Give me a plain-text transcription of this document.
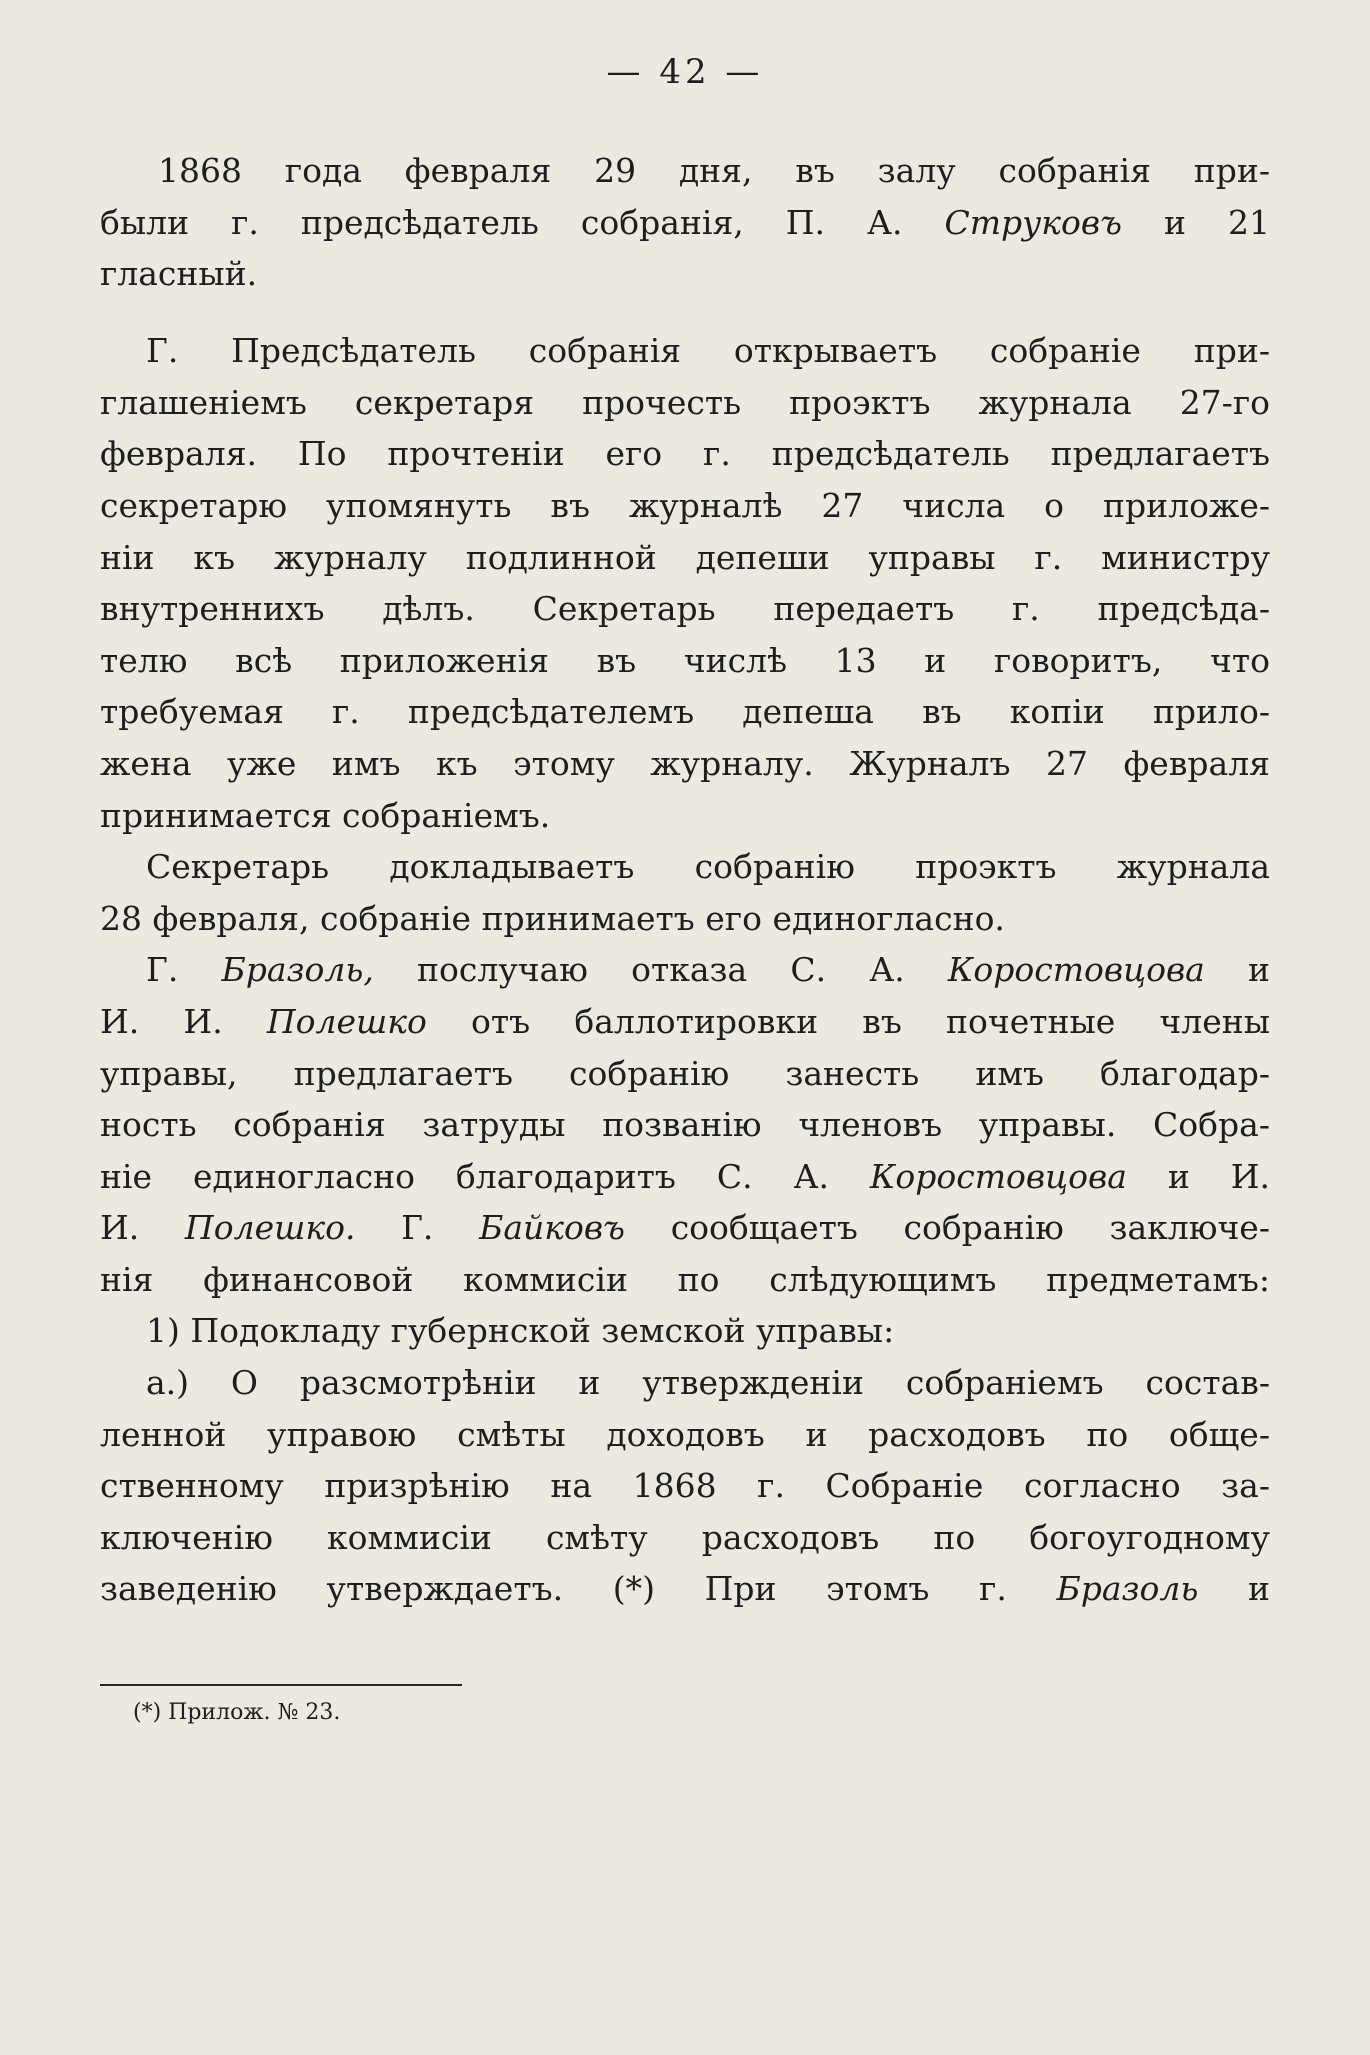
— 42 —
1868 года февраля 29 дня, въ залу собранія при-
были г. предсѣдатель собранія, П. А. Струковъ и 21
гласный.
Г. Предсѣдатель собранія открываетъ собраніе при-
глашеніемъ секретаря прочесть проэктъ журнала 27-го
февраля. По прочтеніи его г. предсѣдатель предлагаетъ
секретарю упомянуть въ журналѣ 27 числа о приложе-
ніи къ журналу подлинной депеши управы г. министру
внутреннихъ дѣлъ. Секретарь передаетъ г. предсѣда-
телю всѣ приложенія въ числѣ 13 и говоритъ, что
требуемая г. предсѣдателемъ депеша въ копіи прило-
жена уже имъ къ этому журналу. Журналъ 27 февраля
принимается собраніемъ.
Секретарь докладываетъ собранію проэктъ журнала
28 февраля, собраніе принимаетъ его единогласно.
Г. Бразоль, послучаю отказа С. А. Коростовцова и
И. И. Полешко отъ баллотировки въ почетные члены
управы, предлагаетъ собранію занесть имъ благодар-
ность собранія затруды позванію членовъ управы. Собра-
ніе единогласно благодаритъ С. А. Коростовцова и И.
И. Полешко. Г. Байковъ сообщаетъ собранію заключе-
нія финансовой коммисіи по слѣдующимъ предметамъ:
1) Подокладу губернской земской управы:
а.) О разсмотрѣніи и утвержденіи собраніемъ состав-
ленной управою смѣты доходовъ и расходовъ по обще-
ственному призрѣнію на 1868 г. Собраніе согласно за-
ключенію коммисіи смѣту расходовъ по богоугодному
заведенію утверждаетъ. (*) При этомъ г. Бразоль и
(*) Прилож. № 23.
